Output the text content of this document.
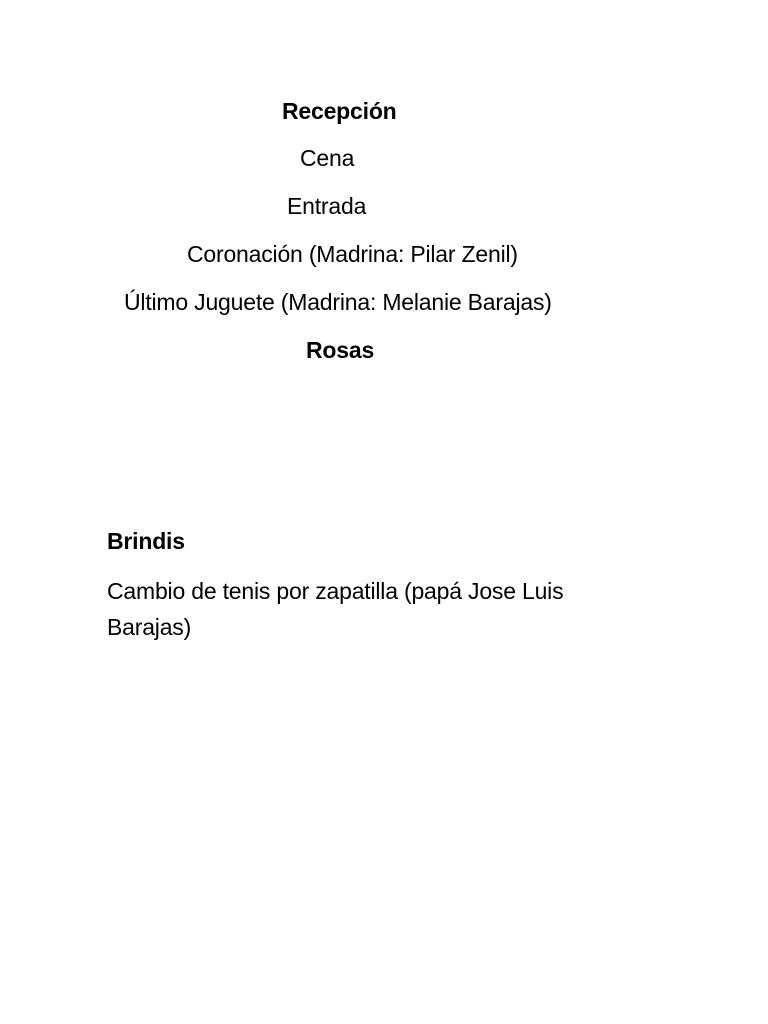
Recepción
Cena
Entrada
Coronación (Madrina: Pilar Zenil)
Último Juguete (Madrina: Melanie Barajas)
Rosas
Brindis
Cambio de tenis por zapatilla (papá Jose Luis Barajas)
